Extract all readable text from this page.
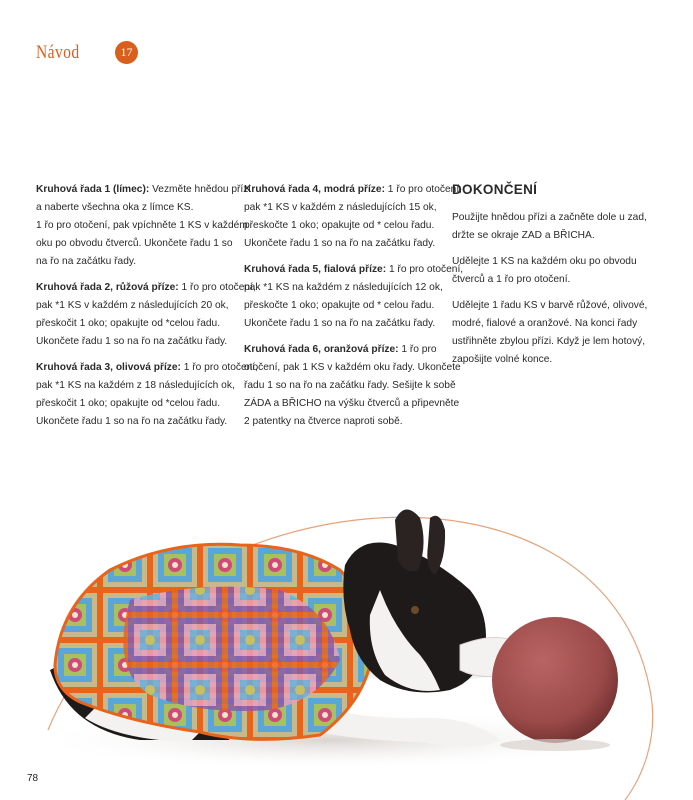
Návod	17
Kruhová řada 1 (límec): Vezměte hnědou přízi
a naberte všechna oka z límce KS.
1 řo pro otočení, pak vpíchněte 1 KS v každém
oku po obvodu čtverců. Ukončete řadu 1 so
na řo na začátku řady.
Kruhová řada 2, růžová příze: 1 řo pro otočení,
pak *1 KS v každém z následujících 20 ok,
přeskočit 1 oko; opakujte od *celou řadu.
Ukončete řadu 1 so na řo na začátku řady.
Kruhová řada 3, olivová příze: 1 řo pro otočení,
pak *1 KS na každém z 18 následujících ok,
přeskočit 1 oko; opakujte od *celou řadu.
Ukončete řadu 1 so na řo na začátku řady.
Kruhová řada 4, modrá příze: 1 řo pro otočení,
pak *1 KS v každém z následujících 15 ok,
přeskočte 1 oko; opakujte od * celou řadu.
Ukončete řadu 1 so na řo na začátku řady.
Kruhová řada 5, fialová příze: 1 řo pro otočení,
pak *1 KS na každém z následujících 12 ok,
přeskočte 1 oko; opakujte od * celou řadu.
Ukončete řadu 1 so na řo na začátku řady.
Kruhová řada 6, oranžová příze: 1 řo pro
otočení, pak 1 KS v každém oku řady. Ukončete
řadu 1 so na řo na začátku řady. Sešijte k sobě
ZÁDA a BŘICHO na výšku čtverců a připevněte
2 patentky na čtverce naproti sobě.
DOKONČENÍ
Použijte hnědou přízi a začněte dole u zad,
držte se okraje ZAD a BŘICHA.
Udělejte 1 KS na každém oku po obvodu
čtverců a 1 řo pro otočení.
Udělejte 1 řadu KS v barvě růžové, olivové,
modré, fialové a oranžové. Na konci řady
ustřihněte zbylou přízi. Když je lem hotový,
zapošijte volné konce.
78
